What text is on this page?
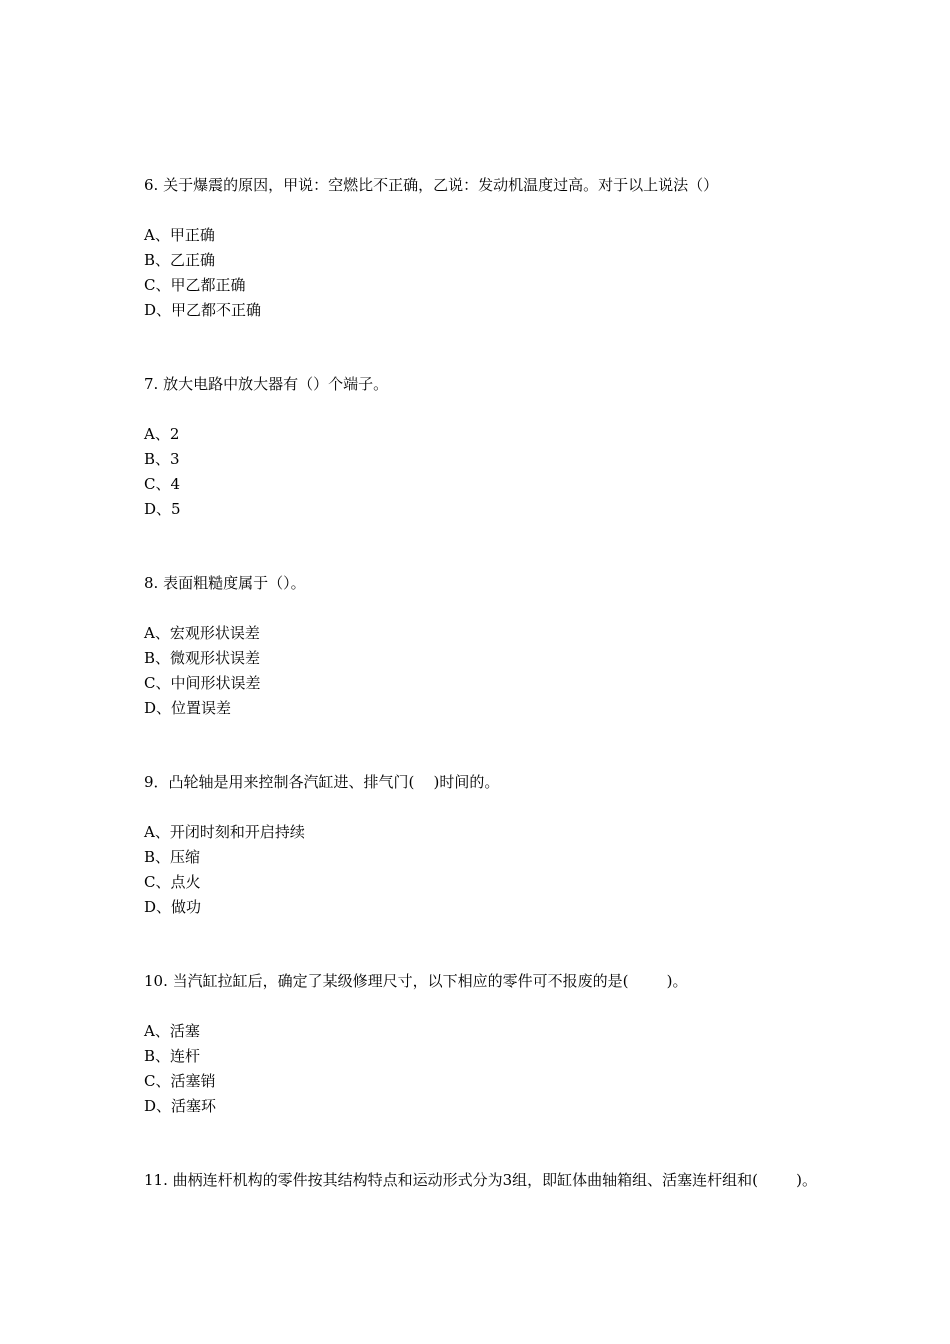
6. 关于爆震的原因，甲说：空燃比不正确，乙说：发动机温度过高。对于以上说法（）

A、甲正确

B、乙正确

C、甲乙都正确

D、甲乙都不正确

7. 放大电路中放大器有（）个端子。

A、2

B、3

C、4

D、5

8. 表面粗糙度属于（）。

A、宏观形状误差

B、微观形状误差

C、中间形状误差

D、位置误差

9．凸轮轴是用来控制各汽缸进、排气门(    )时间的。

A、开闭时刻和开启持续

B、压缩

C、点火

D、做功

10. 当汽缸拉缸后，确定了某级修理尺寸，以下相应的零件可不报废的是(        )。

A、活塞

B、连杆

C、活塞销

D、活塞环

11. 曲柄连杆机构的零件按其结构特点和运动形式分为3组，即缸体曲轴箱组、活塞连杆组和(        )。
